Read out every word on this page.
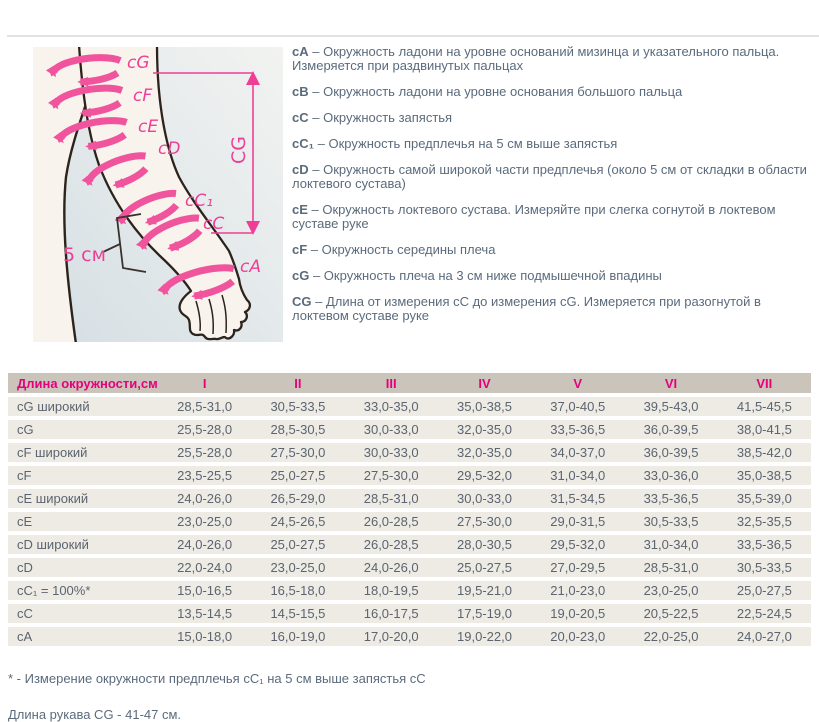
cG
cF
cE
cD
cC₁
cC
cA
5 см
CG

cA – Окружность ладони на уровне оснований мизинца и указательного пальца. Измеряется при раздвинутых пальцах

cB – Окружность ладони на уровне основания большого пальца

cC – Окружность запястья

cC₁ – Окружность предплечья на 5 см выше запястья

cD – Окружность самой широкой части предплечья (около 5 см от складки в области локтевого сустава)

cE – Окружность локтевого сустава. Измеряйте при слегка согнутой в локтевом суставе руке

cF – Окружность середины плеча

cG – Окружность плеча на 3 см ниже подмышечной впадины

CG – Длина от измерения сС до измерения сG. Измеряется при разогнутой в локтевом суставе руке

Длина окружности,см	I	II	III	IV	V	VI	VII
cG широкий	28,5-31,0	30,5-33,5	33,0-35,0	35,0-38,5	37,0-40,5	39,5-43,0	41,5-45,5
cG	25,5-28,0	28,5-30,5	30,0-33,0	32,0-35,0	33,5-36,5	36,0-39,5	38,0-41,5
cF широкий	25,5-28,0	27,5-30,0	30,0-33,0	32,0-35,0	34,0-37,0	36,0-39,5	38,5-42,0
cF	23,5-25,5	25,0-27,5	27,5-30,0	29,5-32,0	31,0-34,0	33,0-36,0	35,0-38,5
cE широкий	24,0-26,0	26,5-29,0	28,5-31,0	30,0-33,0	31,5-34,5	33,5-36,5	35,5-39,0
cE	23,0-25,0	24,5-26,5	26,0-28,5	27,5-30,0	29,0-31,5	30,5-33,5	32,5-35,5
cD широкий	24,0-26,0	25,0-27,5	26,0-28,5	28,0-30,5	29,5-32,0	31,0-34,0	33,5-36,5
cD	22,0-24,0	23,0-25,0	24,0-26,0	25,0-27,5	27,0-29,5	28,5-31,0	30,5-33,5
cC₁ = 100%*	15,0-16,5	16,5-18,0	18,0-19,5	19,5-21,0	21,0-23,0	23,0-25,0	25,0-27,5
cC	13,5-14,5	14,5-15,5	16,0-17,5	17,5-19,0	19,0-20,5	20,5-22,5	22,5-24,5
cA	15,0-18,0	16,0-19,0	17,0-20,0	19,0-22,0	20,0-23,0	22,0-25,0	24,0-27,0

* - Измерение окружности предплечья сС₁ на 5 см выше запястья сС

Длина рукава CG - 41-47 см.
